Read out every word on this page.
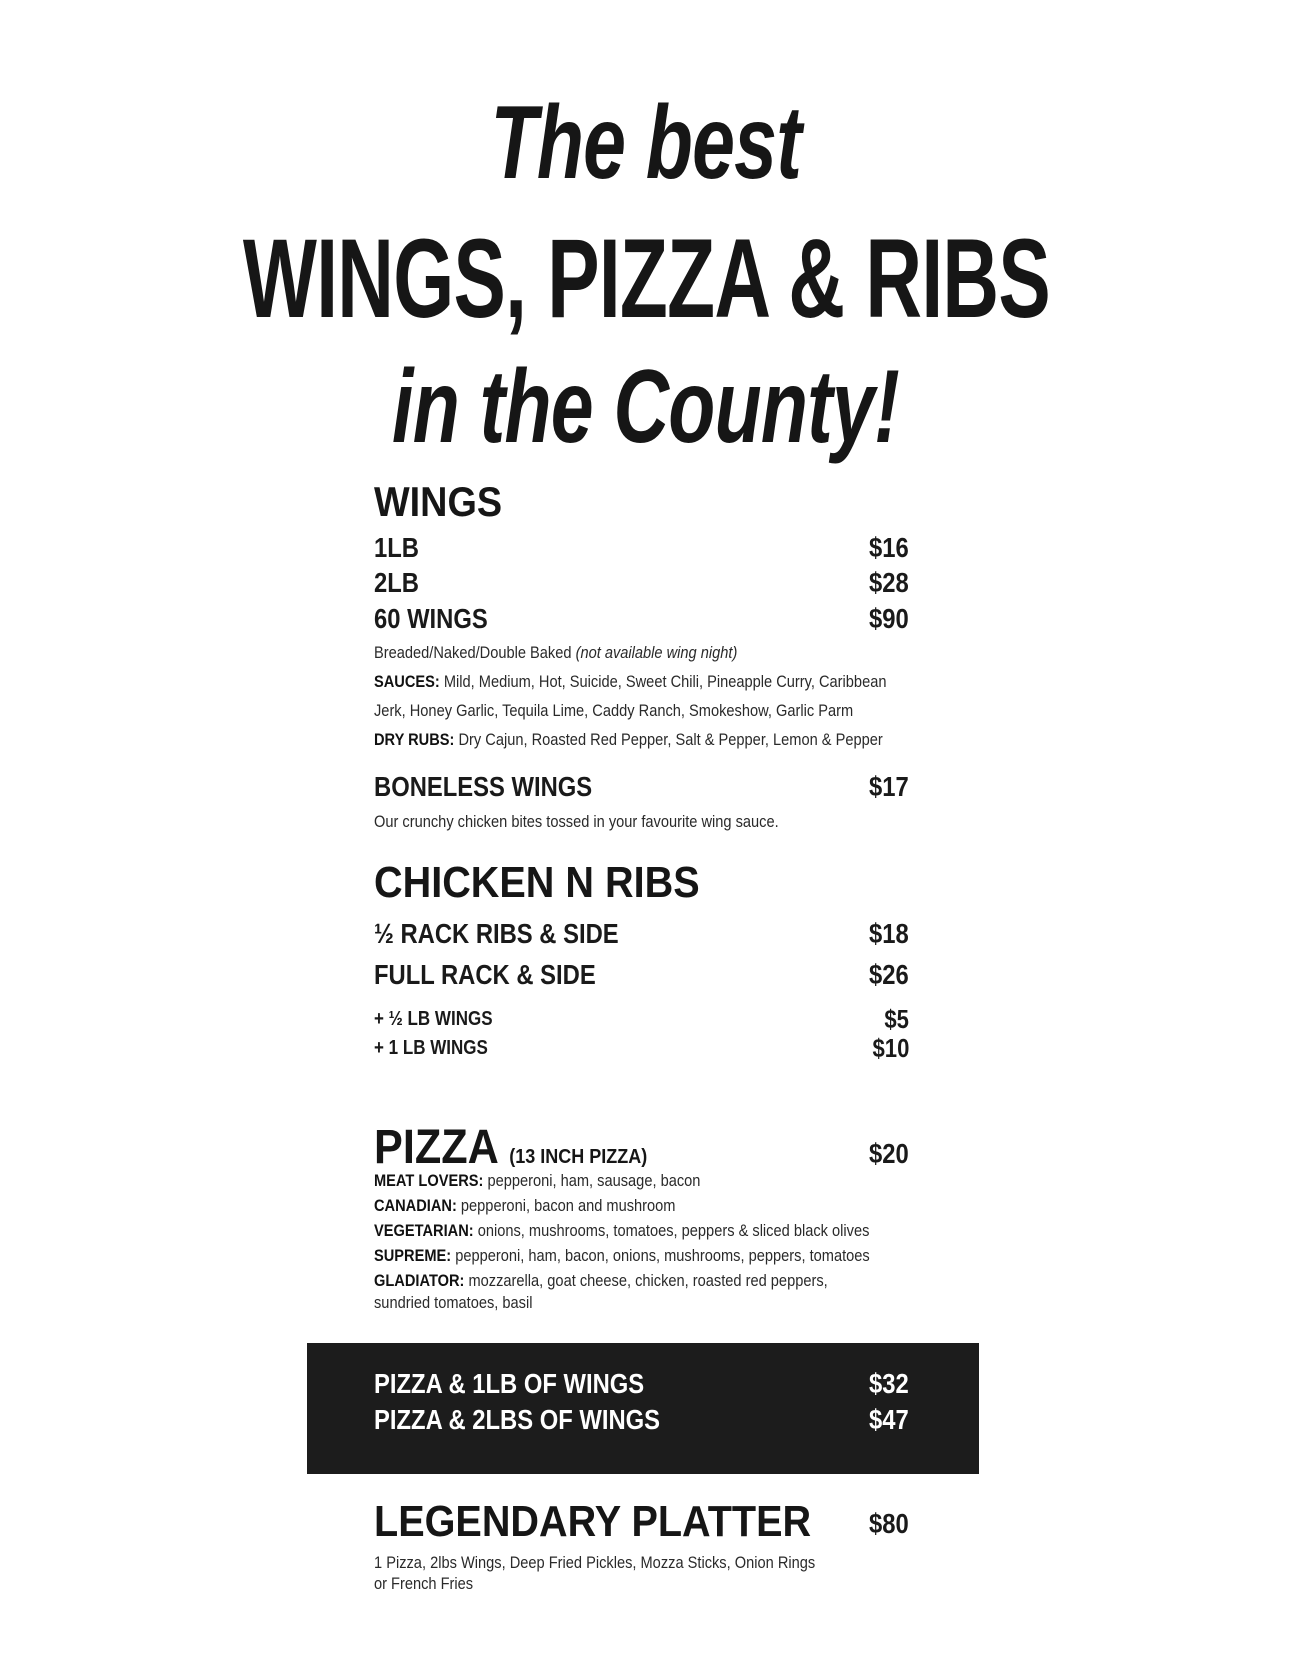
The best
WINGS, PIZZA & RIBS
in the County!
WINGS
1LB	$16
2LB	$28
60 WINGS	$90
Breaded/Naked/Double Baked (not available wing night)
SAUCES: Mild, Medium, Hot, Suicide, Sweet Chili, Pineapple Curry, Caribbean
Jerk, Honey Garlic, Tequila Lime, Caddy Ranch, Smokeshow, Garlic Parm
DRY RUBS: Dry Cajun, Roasted Red Pepper, Salt & Pepper, Lemon & Pepper
BONELESS WINGS	$17
Our crunchy chicken bites tossed in your favourite wing sauce.
CHICKEN N RIBS
½ RACK RIBS & SIDE	$18
FULL RACK & SIDE	$26
+ ½ LB WINGS	$5
+ 1 LB WINGS	$10
PIZZA (13 INCH PIZZA)	$20
MEAT LOVERS: pepperoni, ham, sausage, bacon
CANADIAN: pepperoni, bacon and mushroom
VEGETARIAN: onions, mushrooms, tomatoes, peppers & sliced black olives
SUPREME: pepperoni, ham, bacon, onions, mushrooms, peppers, tomatoes
GLADIATOR: mozzarella, goat cheese, chicken, roasted red peppers,
sundried tomatoes, basil
PIZZA & 1LB OF WINGS	$32
PIZZA & 2LBS OF WINGS	$47
LEGENDARY PLATTER	$80
1 Pizza, 2lbs Wings, Deep Fried Pickles, Mozza Sticks, Onion Rings
or French Fries
